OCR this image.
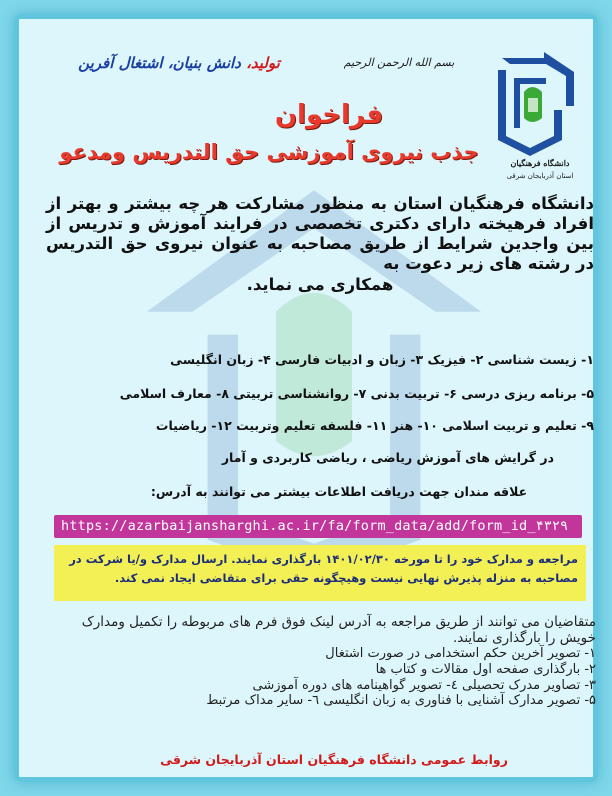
دانشگاه فرهنگیان
استان آذربایجان شرقی
بسم الله الرحمن الرحیم
تولید، دانش بنیان، اشتغال آفرین
فراخوان
جذب نیروی آموزشی حق التدریس ومدعو
دانشگاه فرهنگیان استان به منظور مشارکت هر چه بیشتر و بهتر از افراد فرهیخته دارای دکتری تخصصی در فرایند آموزش و تدریس از بین واجدین شرایط از طریق مصاحبه به عنوان نیروی حق التدریس در رشته های زیر دعوت به
همکاری می نماید.
۱- زیست شناسی ۲- فیزیک ۳- زبان و ادبیات فارسی ۴- زبان انگلیسی
۵- برنامه ریزی درسی ۶- تربیت بدنی ۷- روانشناسی تربیتی ۸- معارف اسلامی
۹- تعلیم و تربیت اسلامی ۱۰- هنر ۱۱- فلسفه تعلیم وتربیت ۱۲- ریاضیات
در گرایش های آموزش ریاضی ، ریاضی کاربردی و آمار
علاقه مندان جهت دریافت اطلاعات بیشتر می توانند به آدرس:
https://azarbaijansharghi.ac.ir/fa/form_data/add/form_id_۴۳۲۹
مراجعه و مدارک خود را تا مورخه ۱۴۰۱/۰۲/۳۰ بارگذاری نمایند. ارسال مدارک و/یا شرکت در
مصاحبه به منزله پذیرش نهایی نیست وهیچگونه حقی برای متقاضی ایجاد نمی کند.
متقاضیان می توانند از طریق مراجعه به آدرس لینک فوق فرم های مربوطه را تکمیل ومدارک خویش را بارگذاری نمایند.
۱- تصویر آخرین حکم استخدامی در صورت اشتغال
۲- بارگذاری صفحه اول مقالات و کتاب ها
۳- تصاویر مدرک تحصیلی ٤- تصویر گواهینامه های دوره آموزشی
۵- تصویر مدارک آشنایی با فناوری به زبان انگلیسی ٦- سایر مداک مرتبط
روابط عمومی دانشگاه فرهنگیان استان آذربایجان شرقی
